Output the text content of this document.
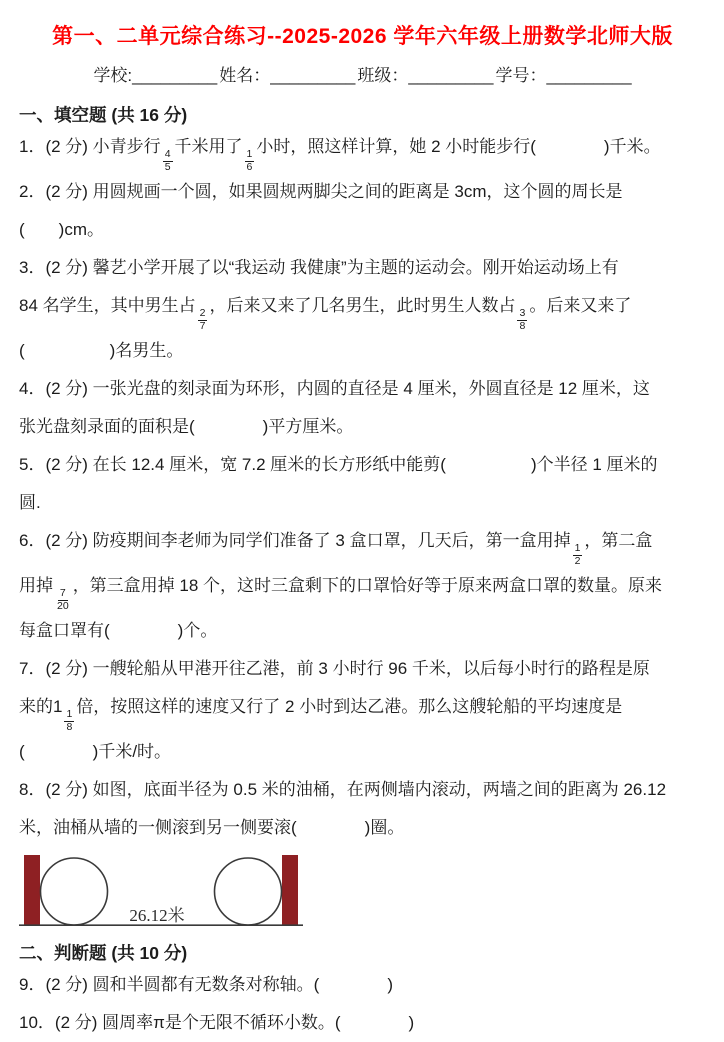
第一、二单元综合练习--2025-2026 学年六年级上册数学北师大版
学校:_________ 姓名：_________ 班级：_________ 学号：_________
一、填空题 (共 16 分)
1．(2 分) 小青步行
$\frac{4}{5}$
千米用了
$\frac{1}{6}$
小时，照这样计算，她 2 小时能步行(　　　　)千米。
2．(2 分) 用圆规画一个圆，如果圆规两脚尖之间的距离是 3cm，这个圆的周长是
(　　)cm。
3．(2 分) 馨艺小学开展了以“我运动 我健康”为主题的运动会。刚开始运动场上有
84 名学生，其中男生占
$\frac{2}{7}$
，后来又来了几名男生，此时男生人数占
$\frac{3}{8}$
。后来又来了
(　　　　　)名男生。
4．(2 分) 一张光盘的刻录面为环形，内圆的直径是 4 厘米，外圆直径是 12 厘米，这
张光盘刻录面的面积是(　　　　)平方厘米。
5．(2 分) 在长 12.4 厘米，宽 7.2 厘米的长方形纸中能剪(　　　　　)个半径 1 厘米的
圆.
6．(2 分) 防疫期间李老师为同学们准备了 3 盒口罩，几天后，第一盒用掉
$\frac{1}{2}$
，第二盒
用掉
$\frac{7}{20}$
，第三盒用掉 18 个，这时三盒剩下的口罩恰好等于原来两盒口罩的数量。原来
每盒口罩有(　　　　)个。
7．(2 分) 一艘轮船从甲港开往乙港，前 3 小时行 96 千米，以后每小时行的路程是原
来的1
$\frac{1}{8}$
倍，按照这样的速度又行了 2 小时到达乙港。那么这艘轮船的平均速度是
(　　　　)千米/时。
8．(2 分) 如图，底面半径为 0.5 米的油桶，在两侧墙内滚动，两墙之间的距离为 26.12
米，油桶从墙的一侧滚到另一侧要滚(　　　　)圈。
26.12米
二、判断题 (共 10 分)
9．(2 分) 圆和半圆都有无数条对称轴。(　　　　)
10．(2 分) 圆周率π是个无限不循环小数。(　　　　)
